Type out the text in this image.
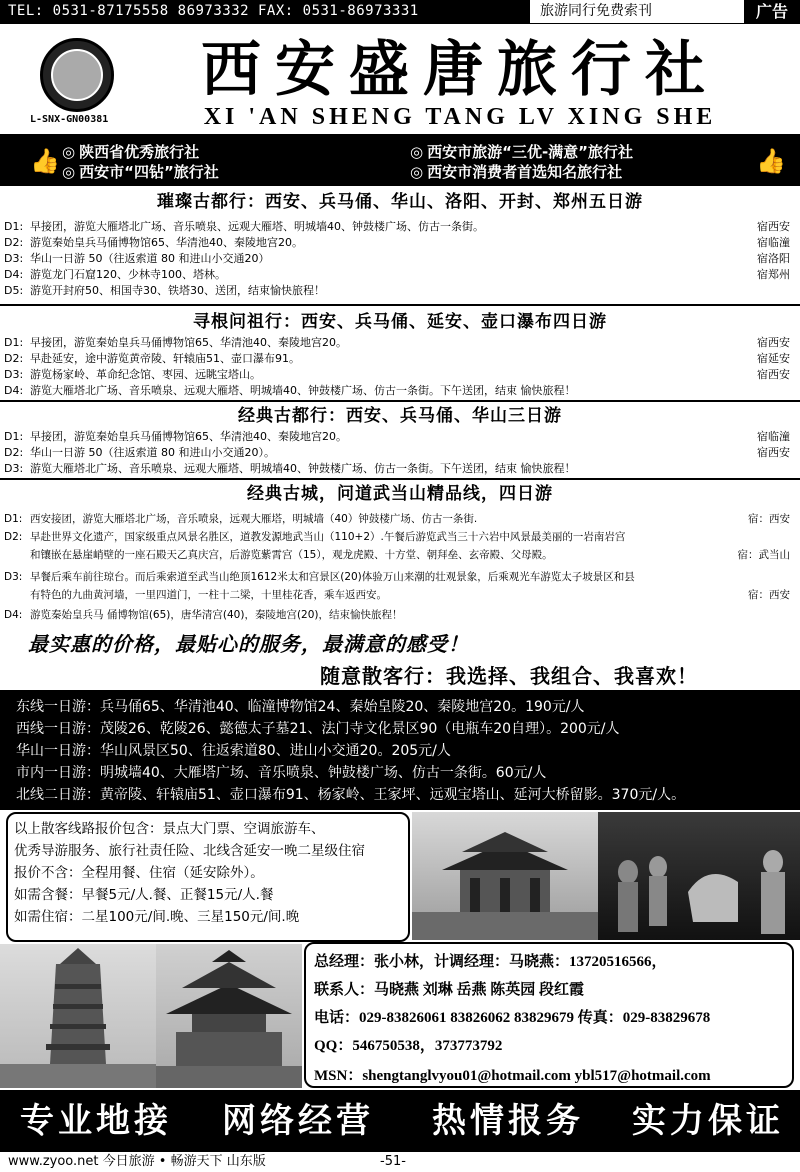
TEL: 0531-87175558 86973332 FAX: 0531-86973331	旅游同行免费索刊	广告
L-SNX-GN00381
西安盛唐旅行社
XI 'AN SHENG TANG LV XING SHE
👍	👍
◎ 陕西省优秀旅行社
◎ 西安市“四钻”旅行社
◎ 西安市旅游“三优-满意”旅行社
◎ 西安市消费者首选知名旅行社
璀璨古都行：西安、兵马俑、华山、洛阳、开封、郑州五日游
D1: 早接团，游览大雁塔北广场、音乐喷泉、远观大雁塔、明城墙40、钟鼓楼广场、仿古一条街。	宿西安
D2: 游览秦始皇兵马俑博物馆65、华清池40、秦陵地宫20。	宿临潼
D3: 华山一日游 50（往返索道 80 和进山小交通20）	宿洛阳
D4: 游览龙门石窟120、少林寺100、塔林。	宿郑州
D5: 游览开封府50、相国寺30、铁塔30、送团，结束愉快旅程！
寻根问祖行：西安、兵马俑、延安、壶口瀑布四日游
D1: 早接团，游览秦始皇兵马俑博物馆65、华清池40、秦陵地宫20。	宿西安
D2: 早赴延安，途中游览黄帝陵、轩辕庙51、壶口瀑布91。	宿延安
D3: 游览杨家岭、革命纪念馆、枣园、远眺宝塔山。	宿西安
D4: 游览大雁塔北广场、音乐喷泉、远观大雁塔、明城墙40、钟鼓楼广场、仿古一条街。下午送团，结束 愉快旅程！
经典古都行：西安、兵马俑、华山三日游
D1: 早接团，游览秦始皇兵马俑博物馆65、华清池40、秦陵地宫20。	宿临潼
D2: 华山一日游 50（往返索道 80 和进山小交通20）。	宿西安
D3: 游览大雁塔北广场、音乐喷泉、远观大雁塔、明城墙40、钟鼓楼广场、仿古一条街。下午送团，结束 愉快旅程！
经典古城，问道武当山精品线，四日游
D1: 西安接团，游览大雁塔北广场，音乐喷泉，远观大雁塔，明城墙（40）钟鼓楼广场、仿古一条街.	宿：西安
D2: 早赴世界文化遗产，国家级重点风景名胜区，道教发源地武当山（110+2）.午餐后游览武当三十六岩中风景最美丽的一岩南岩宫
和镶嵌在悬崖峭壁的一座石殿天乙真庆宫，后游览紫霄宫（15），观龙虎殿、十方堂、朝拜垒、玄帝殿、父母殿。	宿：武当山
D3: 早餐后乘车前往琼台。而后乘索道至武当山绝顶1612米太和宫景区(20)体验万山来潮的壮观景象，后乘观光车游览太子坡景区和县
有特色的九曲黄河墙，一里四道门，一柱十二梁，十里桂花香，乘车返西安。	宿：西安
D4: 游览秦始皇兵马 俑博物馆(65)，唐华清宫(40)，秦陵地宫(20)，结束愉快旅程！
最实惠的价格，最贴心的服务，最满意的感受！
随意散客行：我选择、我组合、我喜欢！
东线一日游：兵马俑65、华清池40、临潼博物馆24、秦始皇陵20、秦陵地宫20。190元/人
西线一日游：茂陵26、乾陵26、懿德太子墓21、法门寺文化景区90（电瓶车20自理）。200元/人
华山一日游：华山风景区50、往返索道80、进山小交通20。205元/人
市内一日游：明城墙40、大雁塔广场、音乐喷泉、钟鼓楼广场、仿古一条街。60元/人
北线二日游：黄帝陵、轩辕庙51、壶口瀑布91、杨家岭、王家坪、远观宝塔山、延河大桥留影。370元/人。
以上散客线路报价包含：景点大门票、空调旅游车、
优秀导游服务、旅行社责任险、北线含延安一晚二星级住宿
报价不含：全程用餐、住宿（延安除外）。
如需含餐：早餐5元/人.餐、正餐15元/人.餐
如需住宿：二星100元/间.晚、三星150元/间.晚
总经理：张小林，计调经理：马晓燕：13720516566，
联系人：马晓燕 刘琳 岳燕 陈英园 段红霞
电话：029-83826061 83826062 83829679 传真：029-83829678
QQ：546750538，373773792
MSN：shengtanglvyou01@hotmail.com ybl517@hotmail.com
专业地接 网络经营 热情报务 实力保证
www.zyoo.net 今日旅游 • 畅游天下 山东版	-51-
